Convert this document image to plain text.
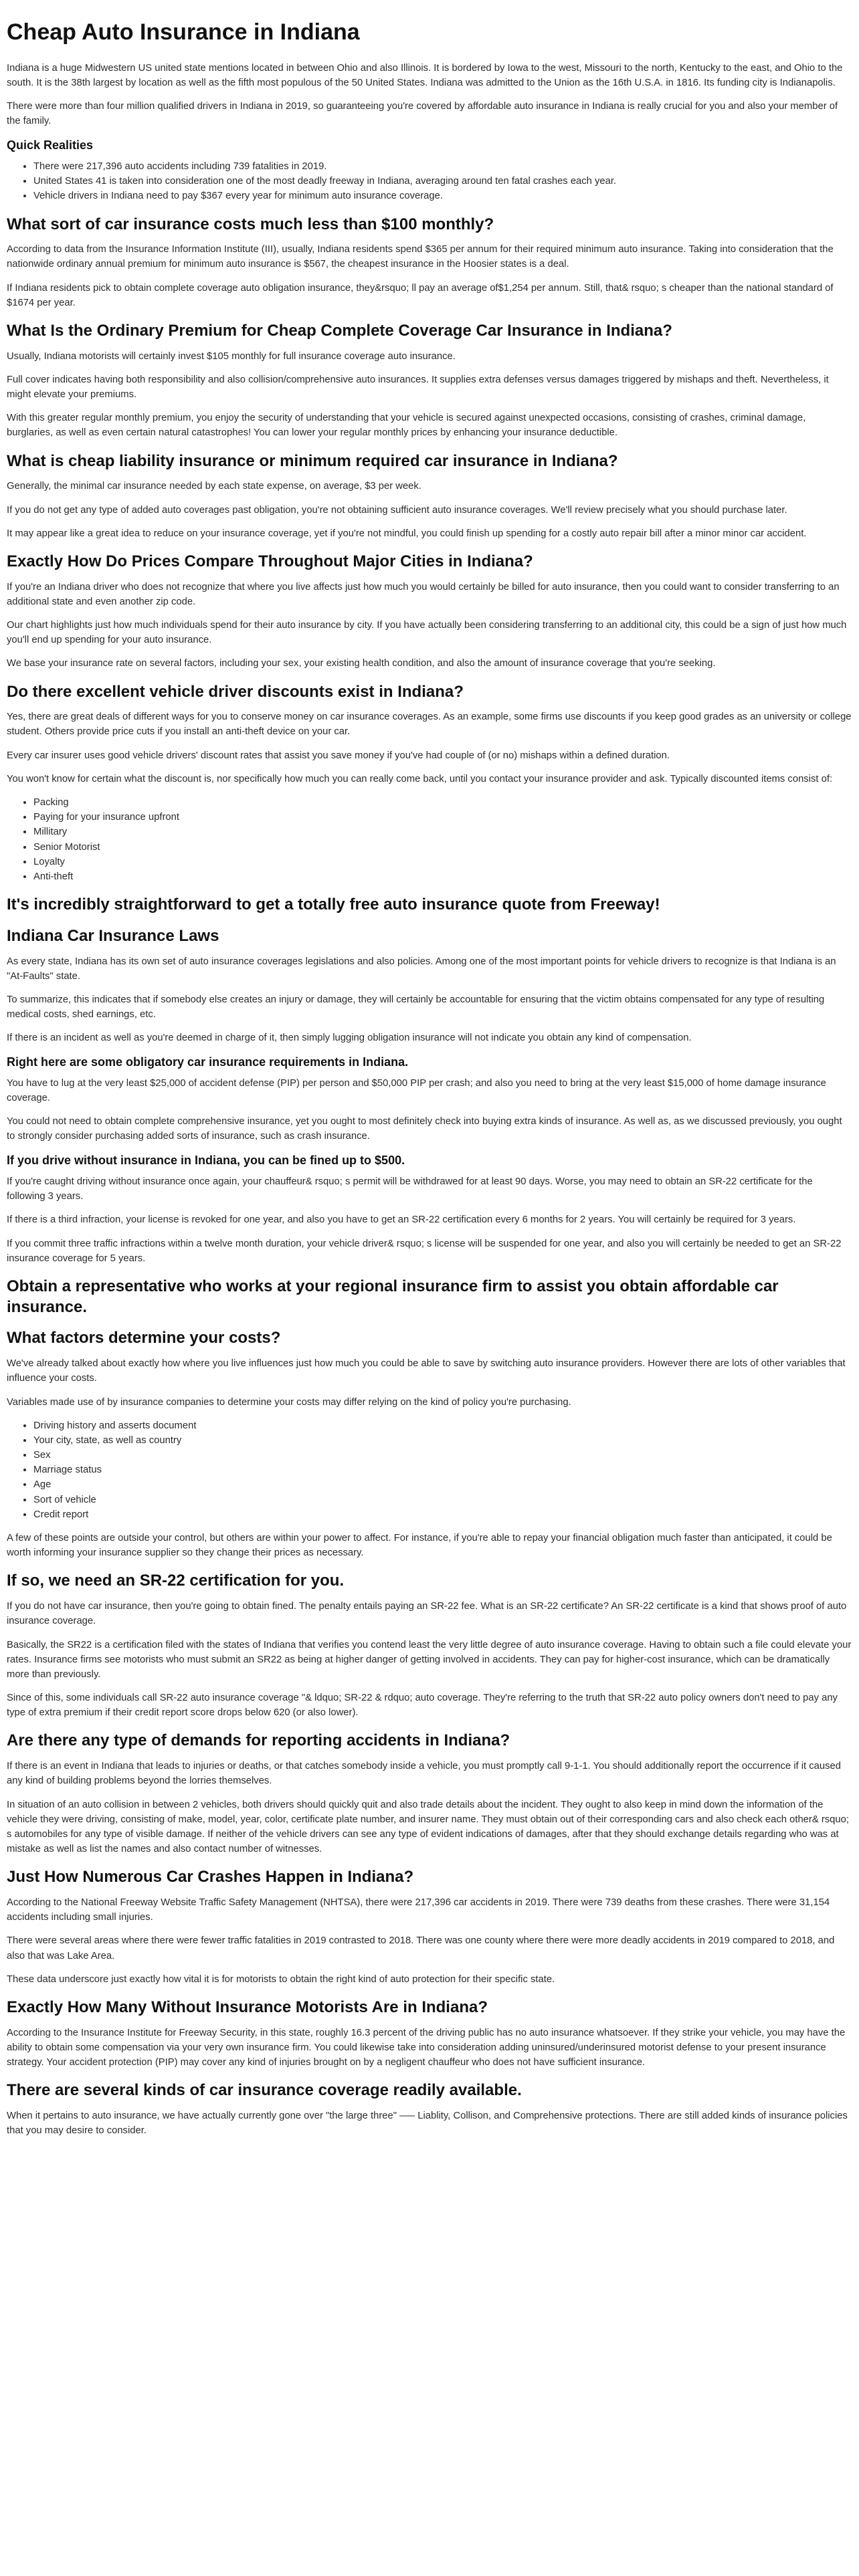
Cheap Auto Insurance in Indiana

Indiana is a huge Midwestern US united state mentions located in between Ohio and also Illinois. It is bordered by Iowa to the west, Missouri to the north, Kentucky to the east, and Ohio to the south. It is the 38th largest by location as well as the fifth most populous of the 50 United States. Indiana was admitted to the Union as the 16th U.S.A. in 1816. Its funding city is Indianapolis.

There were more than four million qualified drivers in Indiana in 2019, so guaranteeing you're covered by affordable auto insurance in Indiana is really crucial for you and also your member of the family.

Quick Realities
• There were 217,396 auto accidents including 739 fatalities in 2019.
• United States 41 is taken into consideration one of the most deadly freeway in Indiana, averaging around ten fatal crashes each year.
• Vehicle drivers in Indiana need to pay $367 every year for minimum auto insurance coverage.
What sort of car insurance costs much less than $100 monthly?

According to data from the Insurance Information Institute (III), usually, Indiana residents spend $365 per annum for their required minimum auto insurance. Taking into consideration that the nationwide ordinary annual premium for minimum auto insurance is $567, the cheapest insurance in the Hoosier states is a deal.

If Indiana residents pick to obtain complete coverage auto obligation insurance, they&rsquo; ll pay an average of$1,254 per annum. Still, that& rsquo; s cheaper than the national standard of $1674 per year.

What Is the Ordinary Premium for Cheap Complete Coverage Car Insurance in Indiana?

Usually, Indiana motorists will certainly invest $105 monthly for full insurance coverage auto insurance.

Full cover indicates having both responsibility and also collision/comprehensive auto insurances. It supplies extra defenses versus damages triggered by mishaps and theft. Nevertheless, it might elevate your premiums.

With this greater regular monthly premium, you enjoy the security of understanding that your vehicle is secured against unexpected occasions, consisting of crashes, criminal damage, burglaries, as well as even certain natural catastrophes! You can lower your regular monthly prices by enhancing your insurance deductible.

What is cheap liability insurance or minimum required car insurance in Indiana?

Generally, the minimal car insurance needed by each state expense, on average, $3 per week.

If you do not get any type of added auto coverages past obligation, you're not obtaining sufficient auto insurance coverages. We'll review precisely what you should purchase later.

It may appear like a great idea to reduce on your insurance coverage, yet if you're not mindful, you could finish up spending for a costly auto repair bill after a minor minor car accident.

Exactly How Do Prices Compare Throughout Major Cities in Indiana?

If you're an Indiana driver who does not recognize that where you live affects just how much you would certainly be billed for auto insurance, then you could want to consider transferring to an additional state and even another zip code.

Our chart highlights just how much individuals spend for their auto insurance by city. If you have actually been considering transferring to an additional city, this could be a sign of just how much you'll end up spending for your auto insurance.

We base your insurance rate on several factors, including your sex, your existing health condition, and also the amount of insurance coverage that you're seeking.

Do there excellent vehicle driver discounts exist in Indiana?

Yes, there are great deals of different ways for you to conserve money on car insurance coverages. As an example, some firms use discounts if you keep good grades as an university or college student. Others provide price cuts if you install an anti-theft device on your car.

Every car insurer uses good vehicle drivers' discount rates that assist you save money if you've had couple of (or no) mishaps within a defined duration.

You won't know for certain what the discount is, nor specifically how much you can really come back, until you contact your insurance provider and ask. Typically discounted items consist of:

• Packing
• Paying for your insurance upfront
• Millitary
• Senior Motorist
• Loyalty
• Anti-theft
It's incredibly straightforward to get a totally free auto insurance quote from Freeway!
Indiana Car Insurance Laws

As every state, Indiana has its own set of auto insurance coverages legislations and also policies. Among one of the most important points for vehicle drivers to recognize is that Indiana is an "At-Faults" state.

To summarize, this indicates that if somebody else creates an injury or damage, they will certainly be accountable for ensuring that the victim obtains compensated for any type of resulting medical costs, shed earnings, etc.

If there is an incident as well as you're deemed in charge of it, then simply lugging obligation insurance will not indicate you obtain any kind of compensation.

Right here are some obligatory car insurance requirements in Indiana.

You have to lug at the very least $25,000 of accident defense (PIP) per person and $50,000 PIP per crash; and also you need to bring at the very least $15,000 of home damage insurance coverage.

You could not need to obtain complete comprehensive insurance, yet you ought to most definitely check into buying extra kinds of insurance. As well as, as we discussed previously, you ought to strongly consider purchasing added sorts of insurance, such as crash insurance.

If you drive without insurance in Indiana, you can be fined up to $500.

If you're caught driving without insurance once again, your chauffeur& rsquo; s permit will be withdrawed for at least 90 days. Worse, you may need to obtain an SR-22 certificate for the following 3 years.

If there is a third infraction, your license is revoked for one year, and also you have to get an SR-22 certification every 6 months for 2 years. You will certainly be required for 3 years.

If you commit three traffic infractions within a twelve month duration, your vehicle driver& rsquo; s license will be suspended for one year, and also you will certainly be needed to get an SR-22 insurance coverage for 5 years.

Obtain a representative who works at your regional insurance firm to assist you obtain affordable car insurance.
What factors determine your costs?

We've already talked about exactly how where you live influences just how much you could be able to save by switching auto insurance providers. However there are lots of other variables that influence your costs.

Variables made use of by insurance companies to determine your costs may differ relying on the kind of policy you're purchasing.

• Driving history and asserts document
• Your city, state, as well as country
• Sex
• Marriage status
• Age
• Sort of vehicle
• Credit report

A few of these points are outside your control, but others are within your power to affect. For instance, if you're able to repay your financial obligation much faster than anticipated, it could be worth informing your insurance supplier so they change their prices as necessary.

If so, we need an SR-22 certification for you.

If you do not have car insurance, then you're going to obtain fined. The penalty entails paying an SR-22 fee. What is an SR-22 certificate? An SR-22 certificate is a kind that shows proof of auto insurance coverage.

Basically, the SR22 is a certification filed with the states of Indiana that verifies you contend least the very little degree of auto insurance coverage. Having to obtain such a file could elevate your rates. Insurance firms see motorists who must submit an SR22 as being at higher danger of getting involved in accidents. They can pay for higher-cost insurance, which can be dramatically more than previously.

Since of this, some individuals call SR-22 auto insurance coverage "& ldquo; SR-22 & rdquo; auto coverage. They're referring to the truth that SR-22 auto policy owners don't need to pay any type of extra premium if their credit report score drops below 620 (or also lower).

Are there any type of demands for reporting accidents in Indiana?

If there is an event in Indiana that leads to injuries or deaths, or that catches somebody inside a vehicle, you must promptly call 9-1-1. You should additionally report the occurrence if it caused any kind of building problems beyond the lorries themselves.

In situation of an auto collision in between 2 vehicles, both drivers should quickly quit and also trade details about the incident. They ought to also keep in mind down the information of the vehicle they were driving, consisting of make, model, year, color, certificate plate number, and insurer name. They must obtain out of their corresponding cars and also check each other& rsquo; s automobiles for any type of visible damage. If neither of the vehicle drivers can see any type of evident indications of damages, after that they should exchange details regarding who was at mistake as well as list the names and also contact number of witnesses.

Just How Numerous Car Crashes Happen in Indiana?

According to the National Freeway Website Traffic Safety Management (NHTSA), there were 217,396 car accidents in 2019. There were 739 deaths from these crashes. There were 31,154 accidents including small injuries.

There were several areas where there were fewer traffic fatalities in 2019 contrasted to 2018. There was one county where there were more deadly accidents in 2019 compared to 2018, and also that was Lake Area.

These data underscore just exactly how vital it is for motorists to obtain the right kind of auto protection for their specific state.

Exactly How Many Without Insurance Motorists Are in Indiana?

According to the Insurance Institute for Freeway Security, in this state, roughly 16.3 percent of the driving public has no auto insurance whatsoever. If they strike your vehicle, you may have the ability to obtain some compensation via your very own insurance firm. You could likewise take into consideration adding uninsured/underinsured motorist defense to your present insurance strategy. Your accident protection (PIP) may cover any kind of injuries brought on by a negligent chauffeur who does not have sufficient insurance.

There are several kinds of car insurance coverage readily available.

When it pertains to auto insurance, we have actually currently gone over "the large three" —– Liablity, Collison, and Comprehensive protections. There are still added kinds of insurance policies that you may desire to consider.
